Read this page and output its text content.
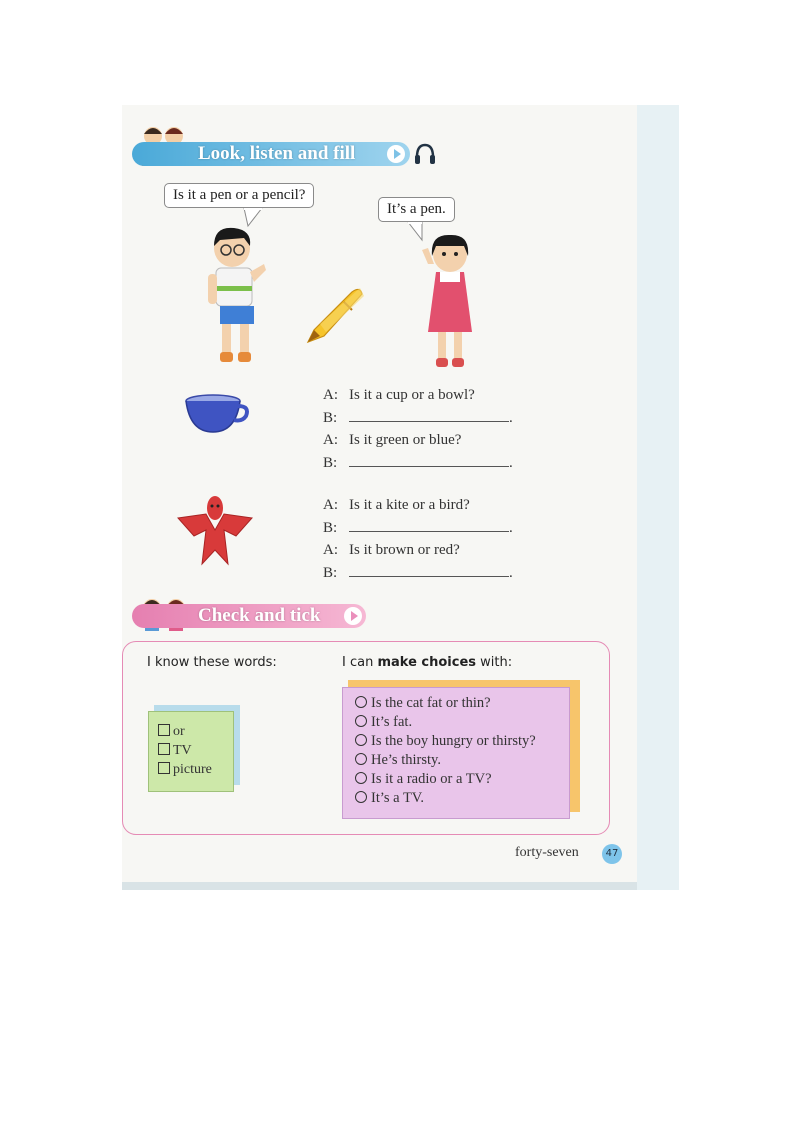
Look, listen and fill
Is it a pen or a pencil?
It’s a pen.
A: Is it a cup or a bowl?
B:	.
A: Is it green or blue?
B:	.
A: Is it a kite or a bird?
B:	.
A: Is it brown or red?
B:	.
Check and tick
I know these words:	I can make choices with:
or
TV
picture
Is the cat fat or thin?
It’s fat.
Is the boy hungry or thirsty?
He’s thirsty.
Is it a radio or a TV?
It’s a TV.
forty-seven	47
